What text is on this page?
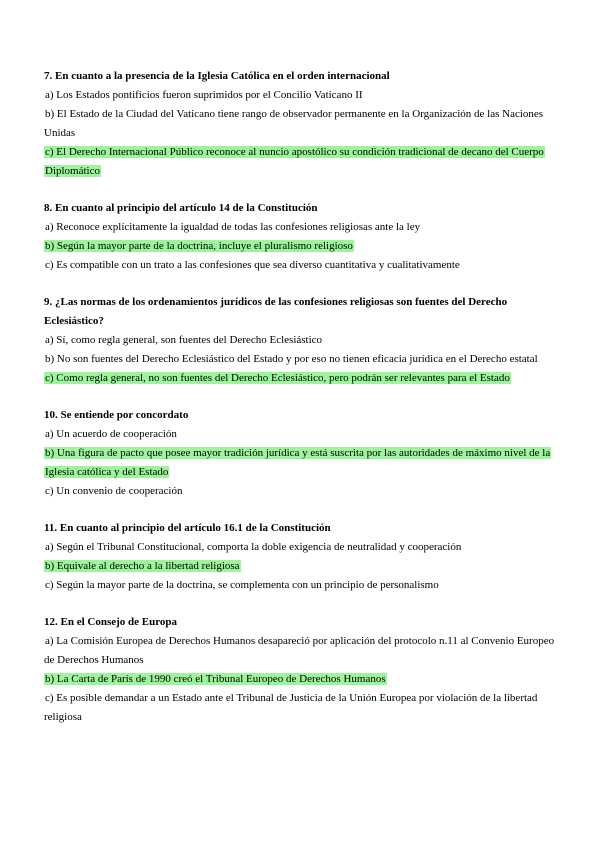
7. En cuanto a la presencia de la Iglesia Católica en el orden internacional

a) Los Estados pontificios fueron suprimidos por el Concilio Vaticano II

b) El Estado de la Ciudad del Vaticano tiene rango de observador permanente en la Organización de las Naciones Unidas

c) El Derecho Internacional Público reconoce al nuncio apostólico su condición tradicional de decano del Cuerpo Diplomático

8. En cuanto al principio del artículo 14 de la Constitución

a) Reconoce explícitamente la igualdad de todas las confesiones religiosas ante la ley

b) Según la mayor parte de la doctrina, incluye el pluralismo religioso

c) Es compatible con un trato a las confesiones que sea diverso cuantitativa y cualitativamente

9. ¿Las normas de los ordenamientos jurídicos de las confesiones religiosas son fuentes del Derecho Eclesiástico?

a) Sí, como regla general, son fuentes del Derecho Eclesiástico

b) No son fuentes del Derecho Eclesiástico del Estado y por eso no tienen eficacia jurídica en el Derecho estatal

c) Como regla general, no son fuentes del Derecho Eclesiástico, pero podrán ser relevantes para el Estado

10. Se entiende por concordato

a) Un acuerdo de cooperación

b) Una figura de pacto que posee mayor tradición jurídica y está suscrita por las autoridades de máximo nivel de la Iglesia católica y del Estado

c) Un convenio de cooperación

11. En cuanto al principio del artículo 16.1 de la Constitución

a) Según el Tribunal Constitucional, comporta la doble exigencia de neutralidad y cooperación

b) Equivale al derecho a la libertad religiosa

c) Según la mayor parte de la doctrina, se complementa con un principio de personalismo

12. En el Consejo de Europa

a) La Comisión Europea de Derechos Humanos desapareció por aplicación del protocolo n.11 al Convenio Europeo de Derechos Humanos

b) La Carta de París de 1990 creó el Tribunal Europeo de Derechos Humanos

c) Es posible demandar a un Estado ante el Tribunal de Justicia de la Unión Europea por violación de la libertad religiosa
